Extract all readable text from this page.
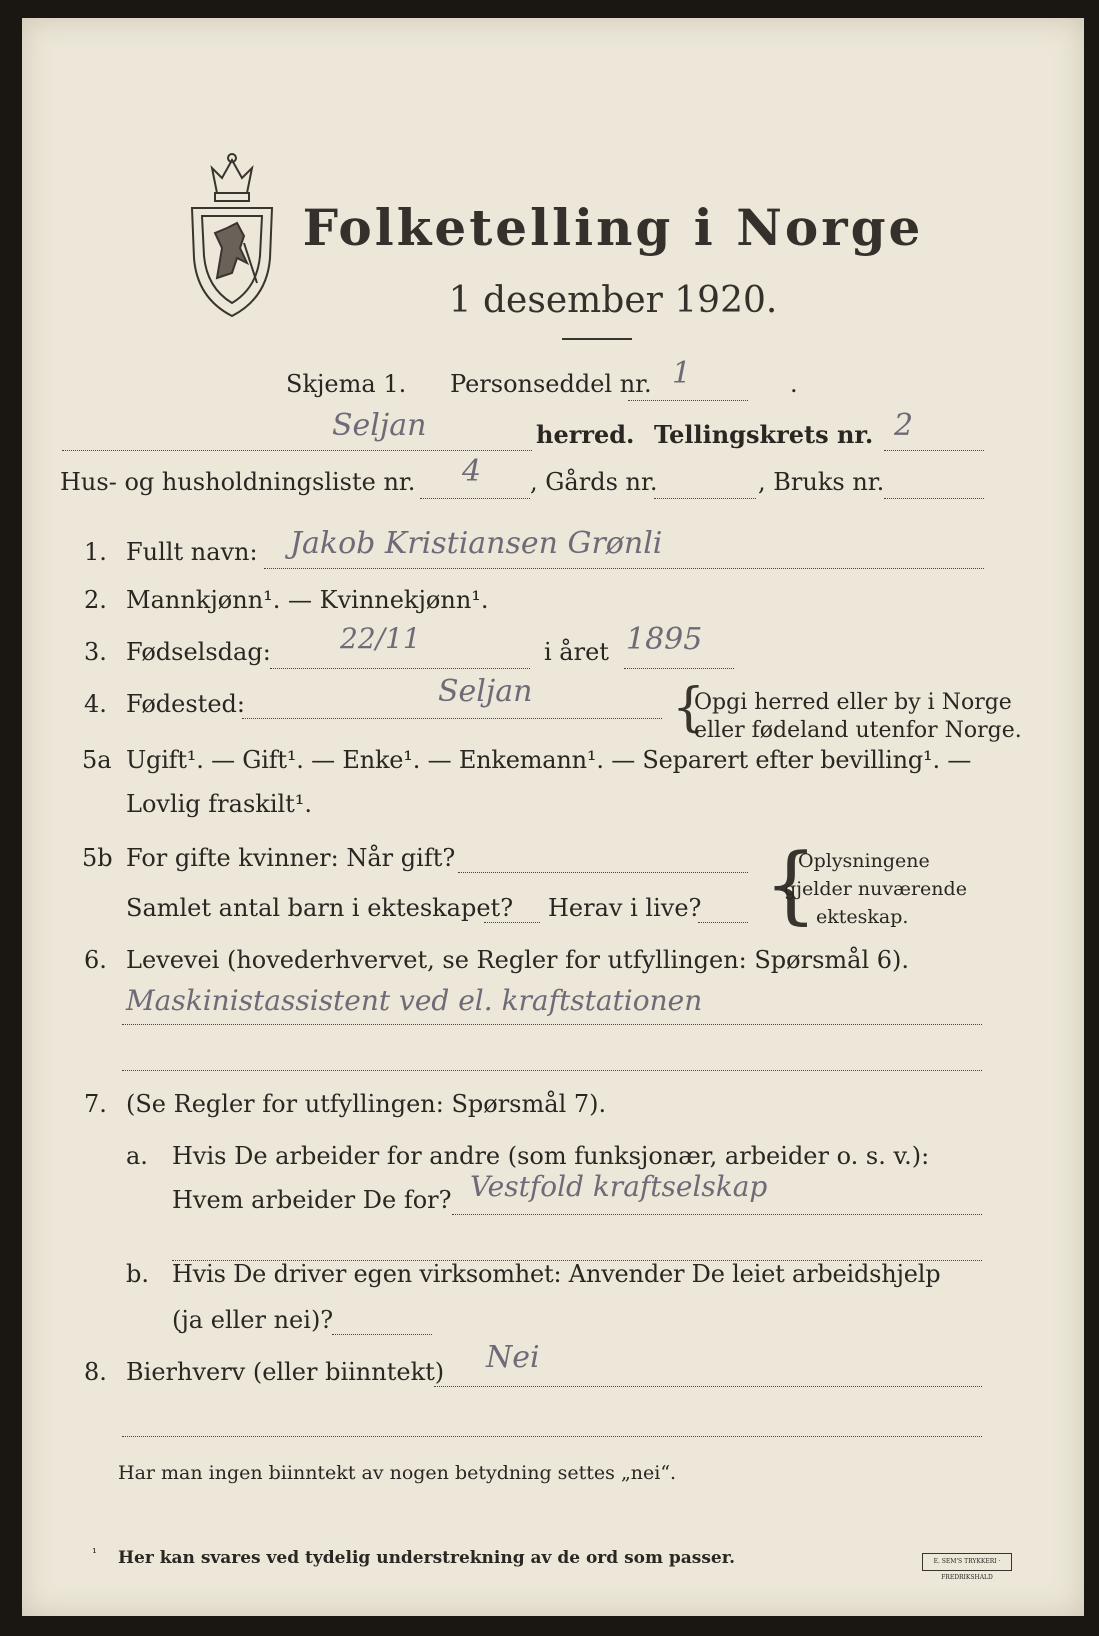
Folketelling i Norge
1 desember 1920.
Skjema 1. Personseddel nr. 1	.
Seljan	herred. Tellingskrets nr. 2
Hus- og husholdningsliste nr. 4 , Gårds nr.	, Bruks nr.
1. Fullt navn: Jakob Kristiansen Grønli
2. Mannkjønn¹. — Kvinnekjønn¹.
3. Fødselsdag: 22/11	i året 1895
4. Fødested:	Seljan	{
Opgi herred eller by i Norge
eller fødeland utenfor Norge.
5a Ugift¹. — Gift¹. — Enke¹. — Enkemann¹. — Separert efter bevilling¹. —
Lovlig fraskilt¹.
5b For gifte kvinner: Når gift?
Samlet antal barn i ekteskapet? Herav i live? {
Oplysningene
gjelder nuværende
ekteskap.
6. Levevei (hovederhvervet, se Regler for utfyllingen: Spørsmål 6).
Maskinistassistent ved el. kraftstationen
7. (Se Regler for utfyllingen: Spørsmål 7).
a. Hvis De arbeider for andre (som funksjonær, arbeider o. s. v.):
Hvem arbeider De for? Vestfold kraftselskap
b. Hvis De driver egen virksomhet: Anvender De leiet arbeidshjelp
(ja eller nei)?
8. Bierhverv (eller biinntekt) Nei
Har man ingen biinntekt av nogen betydning settes „nei“.
¹ Her kan svares ved tydelig understrekning av de ord som passer.	E. SEM'S TRYKKERI · FREDRIKSHALD
